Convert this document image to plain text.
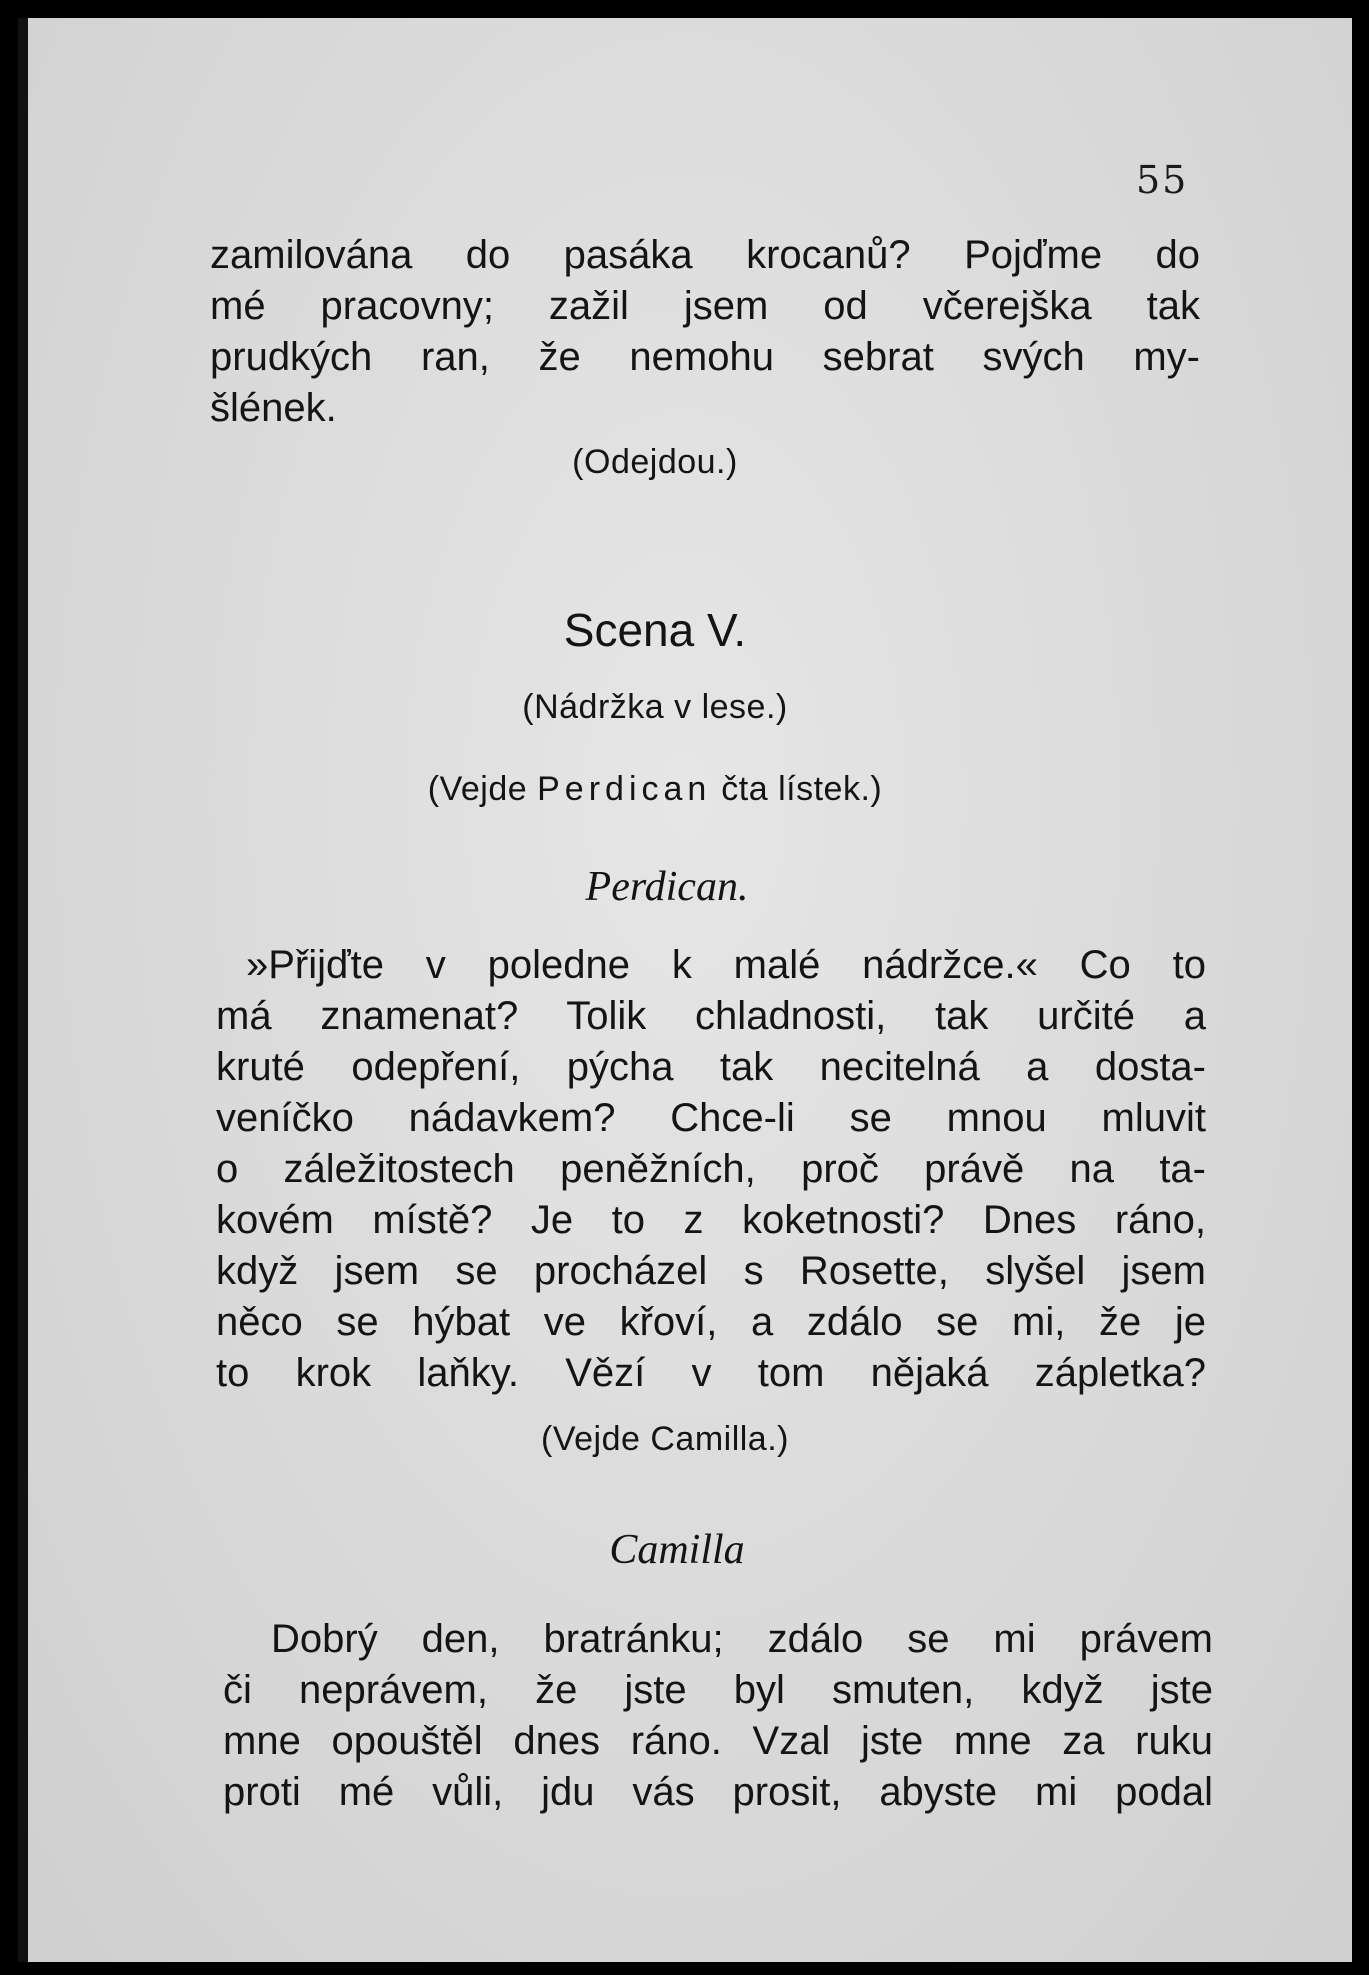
55
zamilována do pasáka krocanů? Pojďme do
mé pracovny; zažil jsem od včerejška tak
prudkých ran, že nemohu sebrat svých my-
šlének.
(Odejdou.)
Scena V.
(Nádržka v lese.)
(Vejde Perdican čta lístek.)
Perdican.
»Přijďte v poledne k malé nádržce.« Co to
má znamenat? Tolik chladnosti, tak určité a
kruté odepření, pýcha tak necitelná a dosta-
veníčko nádavkem? Chce-li se mnou mluvit
o záležitostech peněžních, proč právě na ta-
kovém místě? Je to z koketnosti? Dnes ráno,
když jsem se procházel s Rosette, slyšel jsem
něco se hýbat ve křoví, a zdálo se mi, že je
to krok laňky. Vězí v tom nějaká zápletka?
(Vejde Camilla.)
Camilla
Dobrý den, bratránku; zdálo se mi právem
či neprávem, že jste byl smuten, když jste
mne opouštěl dnes ráno. Vzal jste mne za ruku
proti mé vůli, jdu vás prosit, abyste mi podal
